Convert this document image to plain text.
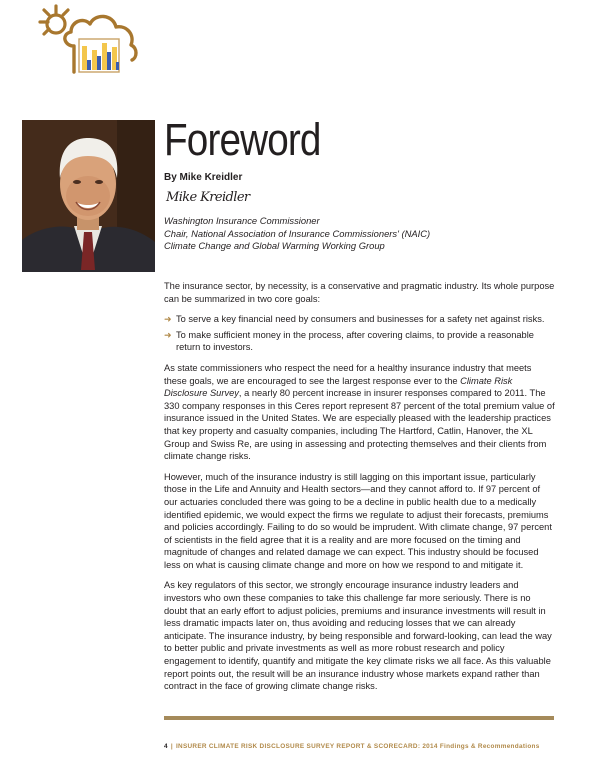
Foreword
By Mike Kreidler
Mike Kreidler
Washington Insurance Commissioner
Chair, National Association of Insurance Commissioners' (NAIC)
Climate Change and Global Warming Working Group

The insurance sector, by necessity, is a conservative and pragmatic industry. Its whole purpose can be summarized in two core goals:

➜ To serve a key financial need by consumers and businesses for a safety net against risks.
➜ To make sufficient money in the process, after covering claims, to provide a reasonable return to investors.

As state commissioners who respect the need for a healthy insurance industry that meets these goals, we are encouraged to see the largest response ever to the Climate Risk Disclosure Survey, a nearly 80 percent increase in insurer responses compared to 2011. The 330 company responses in this Ceres report represent 87 percent of the total premium value of insurance issued in the United States. We are especially pleased with the leadership practices that key property and casualty companies, including The Hartford, Catlin, Hanover, the XL Group and Swiss Re, are using in assessing and protecting themselves and their clients from climate change risks.

However, much of the insurance industry is still lagging on this important issue, particularly those in the Life and Annuity and Health sectors—and they cannot afford to. If 97 percent of our actuaries concluded there was going to be a decline in public health due to a medically identified epidemic, we would expect the firms we regulate to adjust their forecasts, premiums and policies accordingly. Failing to do so would be imprudent. With climate change, 97 percent of scientists in the field agree that it is a reality and are more focused on the timing and magnitude of changes and related damage we can expect. This industry should be focused less on what is causing climate change and more on how we respond to and mitigate it.

As key regulators of this sector, we strongly encourage insurance industry leaders and investors who own these companies to take this challenge far more seriously. There is no doubt that an early effort to adjust policies, premiums and insurance investments will result in less dramatic impacts later on, thus avoiding and reducing losses that we can already anticipate. The insurance industry, by being responsible and forward-looking, can lead the way to better public and private investments as well as more robust research and policy engagement to identify, quantify and mitigate the key climate risks we all face. As this valuable report points out, the result will be an insurance industry whose markets expand rather than contract in the face of growing climate change risks.

4 | INSURER CLIMATE RISK DISCLOSURE SURVEY REPORT & SCORECARD: 2014 Findings & Recommendations
